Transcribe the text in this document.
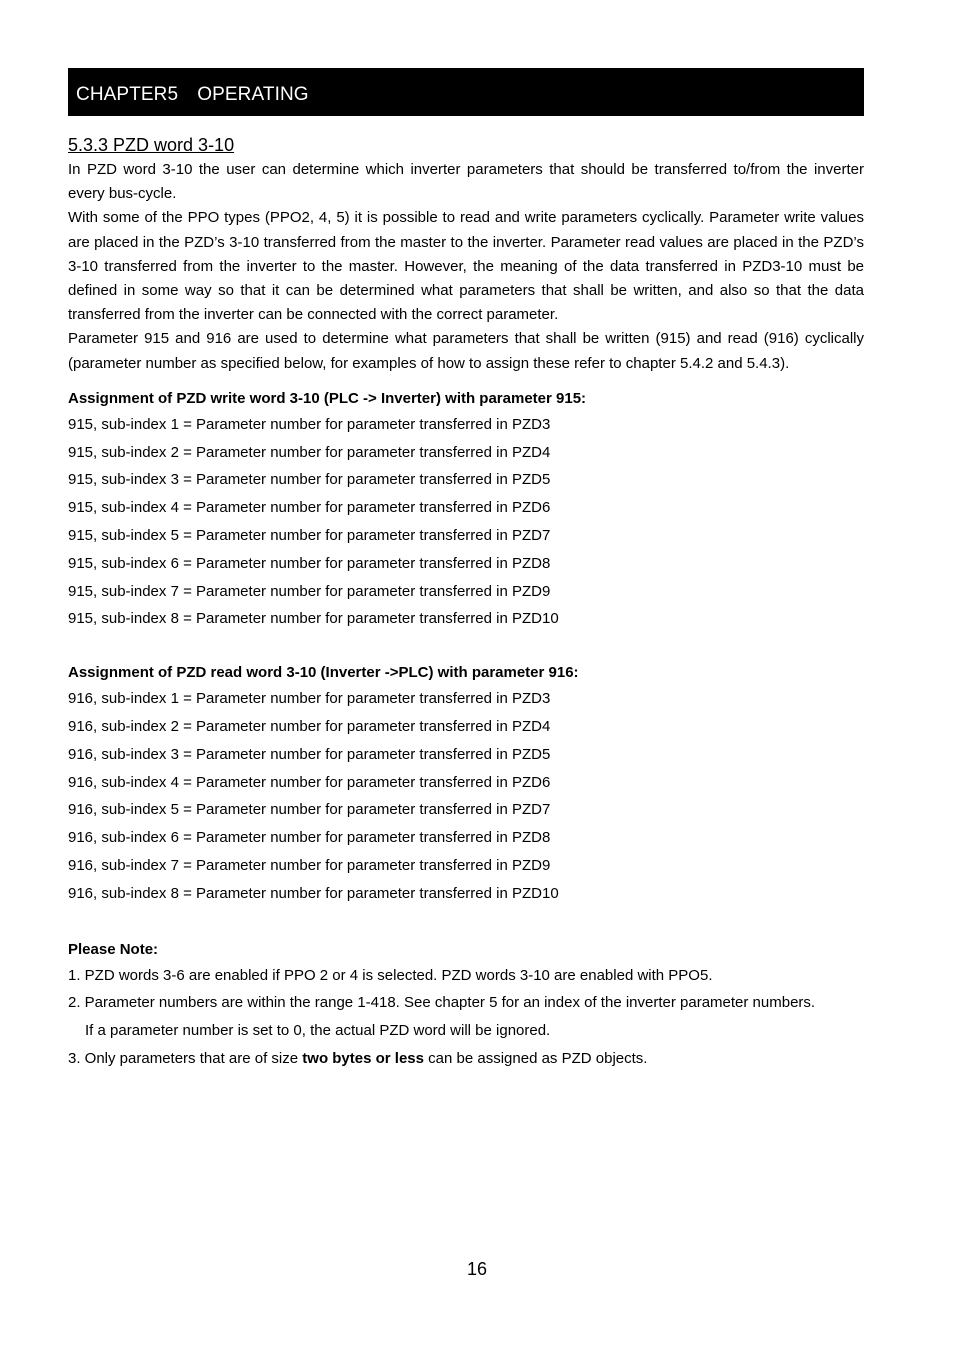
CHAPTER5　OPERATING
5.3.3 PZD word 3-10
In PZD word 3-10 the user can determine which inverter parameters that should be transferred to/from the inverter every bus-cycle.
With some of the PPO types (PPO2, 4, 5) it is possible to read and write parameters cyclically. Parameter write values are placed in the PZD’s 3-10 transferred from the master to the inverter. Parameter read values are placed in the PZD’s 3-10 transferred from the inverter to the master. However, the meaning of the data transferred in PZD3-10 must be defined in some way so that it can be determined what parameters that shall be written, and also so that the data transferred from the inverter can be connected with the correct parameter.
Parameter 915 and 916 are used to determine what parameters that shall be written (915) and read (916) cyclically (parameter number as specified below, for examples of how to assign these refer to chapter 5.4.2 and 5.4.3).
Assignment of PZD write word 3-10 (PLC -> Inverter) with parameter 915:
915, sub-index 1 = Parameter number for parameter transferred in PZD3
915, sub-index 2 = Parameter number for parameter transferred in PZD4
915, sub-index 3 = Parameter number for parameter transferred in PZD5
915, sub-index 4 = Parameter number for parameter transferred in PZD6
915, sub-index 5 = Parameter number for parameter transferred in PZD7
915, sub-index 6 = Parameter number for parameter transferred in PZD8
915, sub-index 7 = Parameter number for parameter transferred in PZD9
915, sub-index 8 = Parameter number for parameter transferred in PZD10
Assignment of PZD read word 3-10 (Inverter ->PLC) with parameter 916:
916, sub-index 1 = Parameter number for parameter transferred in PZD3
916, sub-index 2 = Parameter number for parameter transferred in PZD4
916, sub-index 3 = Parameter number for parameter transferred in PZD5
916, sub-index 4 = Parameter number for parameter transferred in PZD6
916, sub-index 5 = Parameter number for parameter transferred in PZD7
916, sub-index 6 = Parameter number for parameter transferred in PZD8
916, sub-index 7 = Parameter number for parameter transferred in PZD9
916, sub-index 8 = Parameter number for parameter transferred in PZD10
Please Note:
1. PZD words 3-6 are enabled if PPO 2 or 4 is selected. PZD words 3-10 are enabled with PPO5.
2. Parameter numbers are within the range 1-418. See chapter 5 for an index of the inverter parameter numbers.
If a parameter number is set to 0, the actual PZD word will be ignored.
3. Only parameters that are of size two bytes or less can be assigned as PZD objects.
16
